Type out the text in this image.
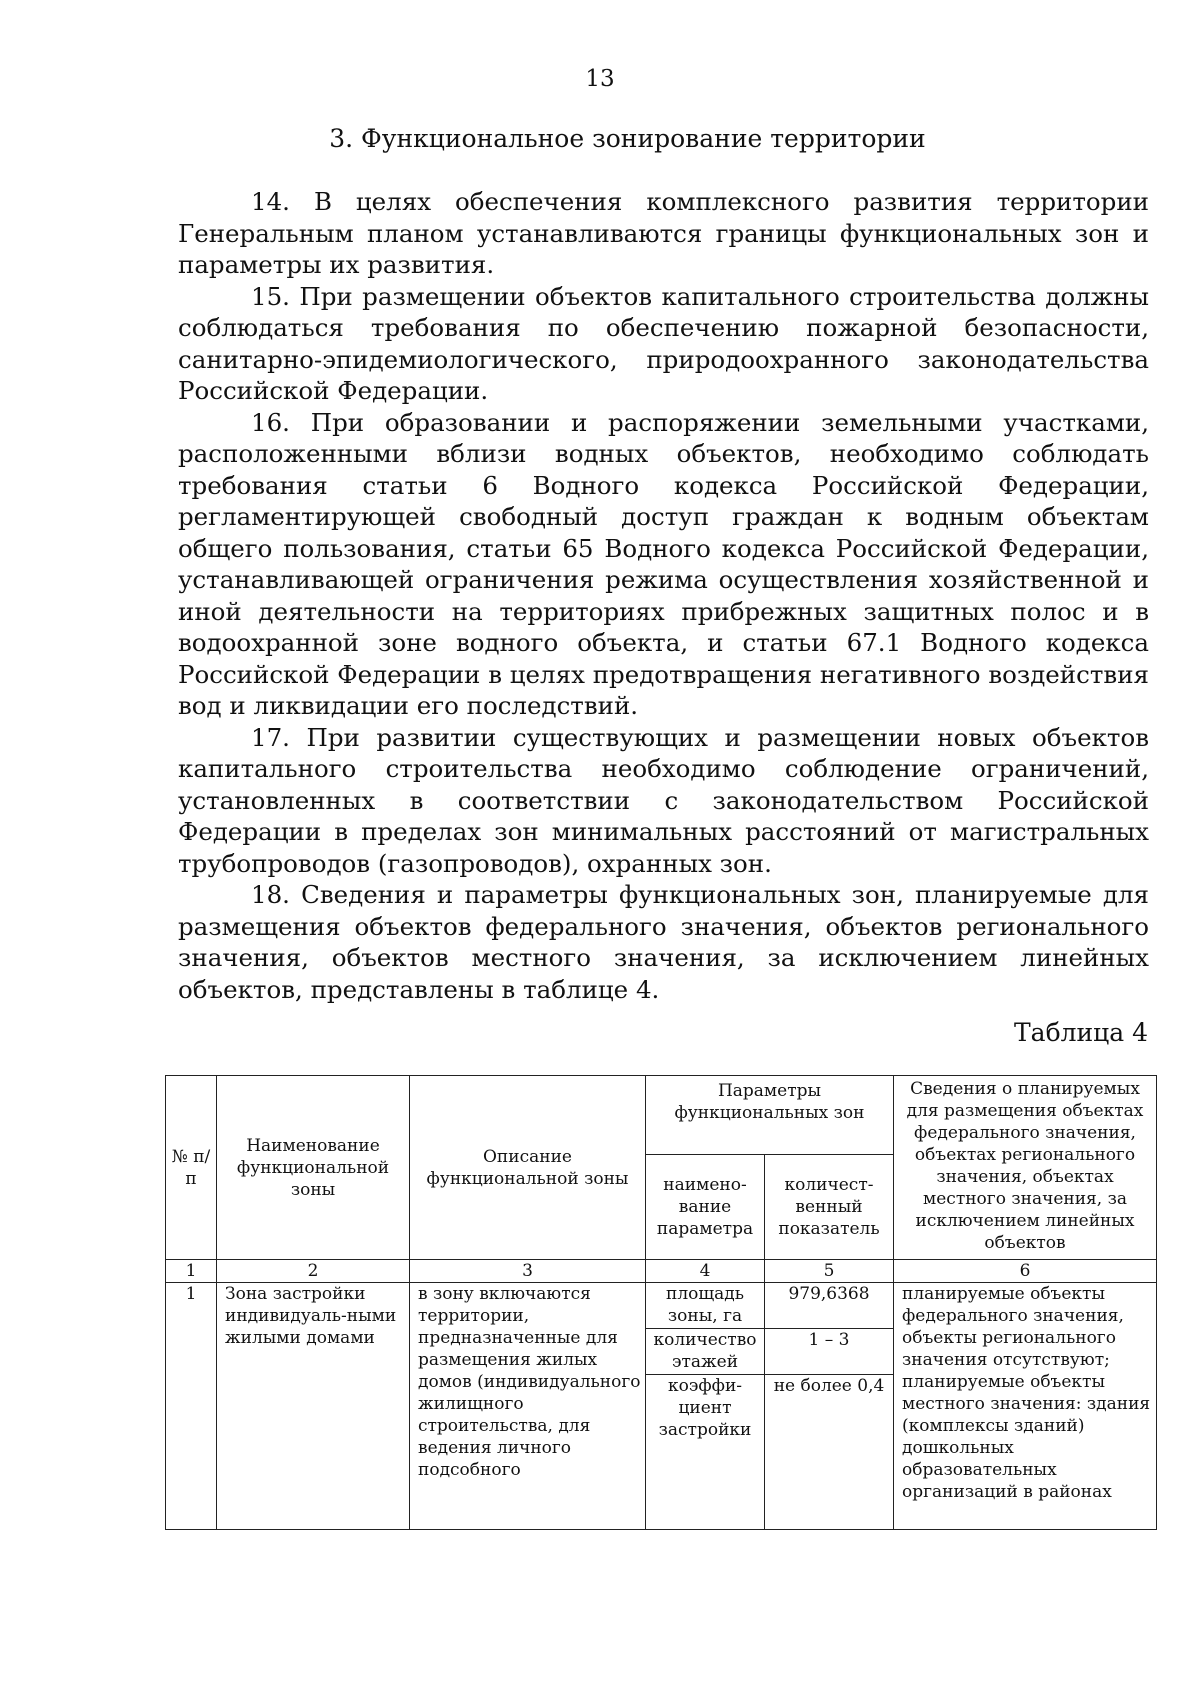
13
3. Функциональное зонирование территории

14. В целях обеспечения комплексного развития территории Генеральным планом устанавливаются границы функциональных зон и параметры их развития.

15. При размещении объектов капитального строительства должны соблюдаться требования по обеспечению пожарной безопасности, санитарно-эпидемиологического, природоохранного законодательства Российской Федерации.

16. При образовании и распоряжении земельными участками, расположенными вблизи водных объектов, необходимо соблюдать требования статьи 6 Водного кодекса Российской Федерации, регламентирующей свободный доступ граждан к водным объектам общего пользования, статьи 65 Водного кодекса Российской Федерации, устанавливающей ограничения режима осуществления хозяйственной и иной деятельности на территориях прибрежных защитных полос и в водоохранной зоне водного объекта, и статьи 67.1 Водного кодекса Российской Федерации в целях предотвращения негативного воздействия вод и ликвидации его последствий.

17. При развитии существующих и размещении новых объектов капитального строительства необходимо соблюдение ограничений, установленных в соответствии с законодательством Российской Федерации в пределах зон минимальных расстояний от магистральных трубопроводов (газопроводов), охранных зон.

18. Сведения и параметры функциональных зон, планируемые для размещения объектов федерального значения, объектов регионального значения, объектов местного значения, за исключением линейных объектов, представлены в таблице 4.

Таблица 4
№ п/п	Наименование функциональной зоны	Описание функциональной зоны	Параметры функциональных зон		Сведения о планируемых для размещения объектах федерального значения, объектах регионального значения, объектах местного значения, за исключением линейных объектов
			наимено-вание параметра	количест-венный показатель	
1	2	3	4	5	6
1	Зона застройки индивидуаль-ными жилыми домами	в зону включаются территории, предназначенные для размещения жилых домов (индивидуального жилищного строительства, для ведения личного подсобного	площадь зоны, га	979,6368	планируемые объекты федерального значения, объекты регионального значения отсутствуют; планируемые объекты местного значения: здания (комплексы зданий) дошкольных образовательных организаций в районах
			количество этажей	1 – 3	
			коэффи-циент застройки	не более 0,4	
